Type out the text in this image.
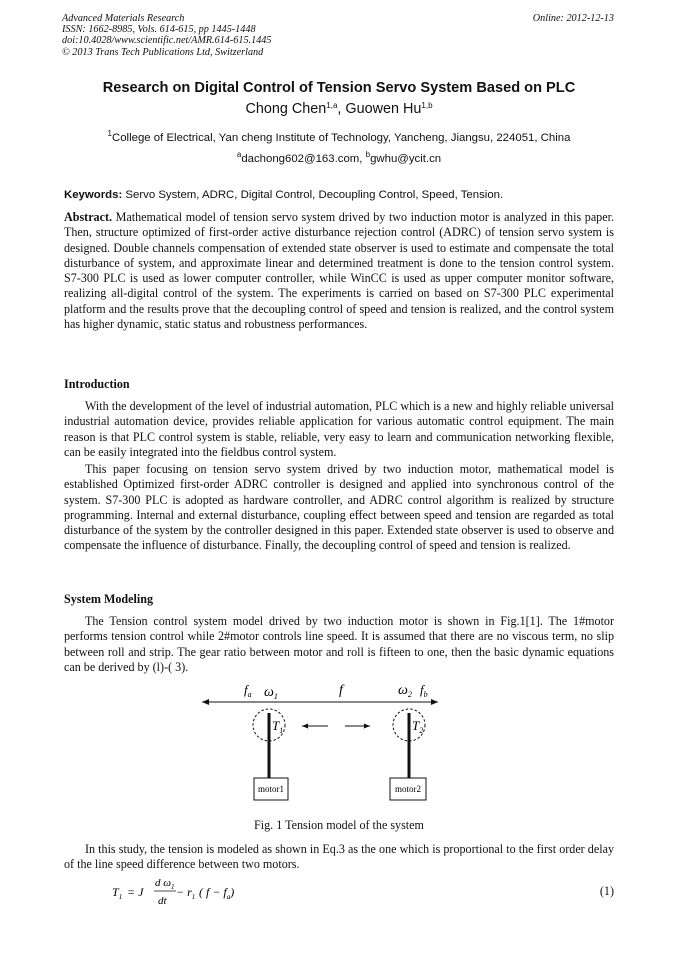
Advanced Materials Research
ISSN: 1662-8985, Vols. 614-615, pp 1445-1448
doi:10.4028/www.scientific.net/AMR.614-615.1445
© 2013 Trans Tech Publications Ltd, Switzerland
Online: 2012-12-13
Research on Digital Control of Tension Servo System Based on PLC
Chong Chen$^{1,a}$, Guowen Hu$^{1,b}$
$^1$College of Electrical, Yan cheng Institute of Technology, Yancheng, Jiangsu, 224051, China
$^a$dachong602@163.com, $^b$gwhu@ycit.cn
Keywords: Servo System, ADRC, Digital Control, Decoupling Control, Speed, Tension.

Abstract. Mathematical model of tension servo system drived by two induction motor is analyzed in this paper. Then, structure optimized of first-order active disturbance rejection control (ADRC) of tension servo system is designed. Double channels compensation of extended state observer is used to estimate and compensate the total disturbance of system, and approximate linear and determined treatment is done to the tension control system. S7-300 PLC is used as lower computer controller, while WinCC is used as upper computer monitor software, realizing all-digital control of the system. The experiments is carried on based on S7-300 PLC experimental platform and the results prove that the decoupling control of speed and tension is realized, and the control system has higher dynamic, static status and robustness performances.

Introduction

With the development of the level of industrial automation, PLC which is a new and highly reliable universal industrial automation device, provides reliable application for various automatic control equipment. The main reason is that PLC control system is stable, reliable, very easy to learn and communication networking flexible, can be easily integrated into the fieldbus control system.

This paper focusing on tension servo system drived by two induction motor, mathematical model is established Optimized first-order ADRC controller is designed and applied into synchronous control of the system. S7-300 PLC is adopted as hardware controller, and ADRC control algorithm is realized by structure programming. Internal and external disturbance, coupling effect between speed and tension are regarded as total disturbance of the system by the controller designed in this paper. Extended state observer is used to observe and compensate the influence of disturbance. Finally, the decoupling control of speed and tension is realized.

System Modeling

The Tension control system model drived by two induction motor is shown in Fig.1[1]. The 1#motor performs tension control while 2#motor controls line speed. It is assumed that there are no viscous term, no slip between roll and strip. The gear ratio between motor and roll is fifteen to one, then the basic dynamic equations can be derived by (l)-( 3).

$f_a$ $\omega_1$	f	$\omega_2$ $f_b$
$T_1$	$T_2$
motor1	motor2
Fig. 1 Tension model of the system

In this study, the tension is modeled as shown in Eq.3 as the one which is proportional to the first order delay of the line speed difference between two motors.

$T_1 = J$
d $\omega_1$
dt
− $r_1$ ( $f - f_a$)	(1)
